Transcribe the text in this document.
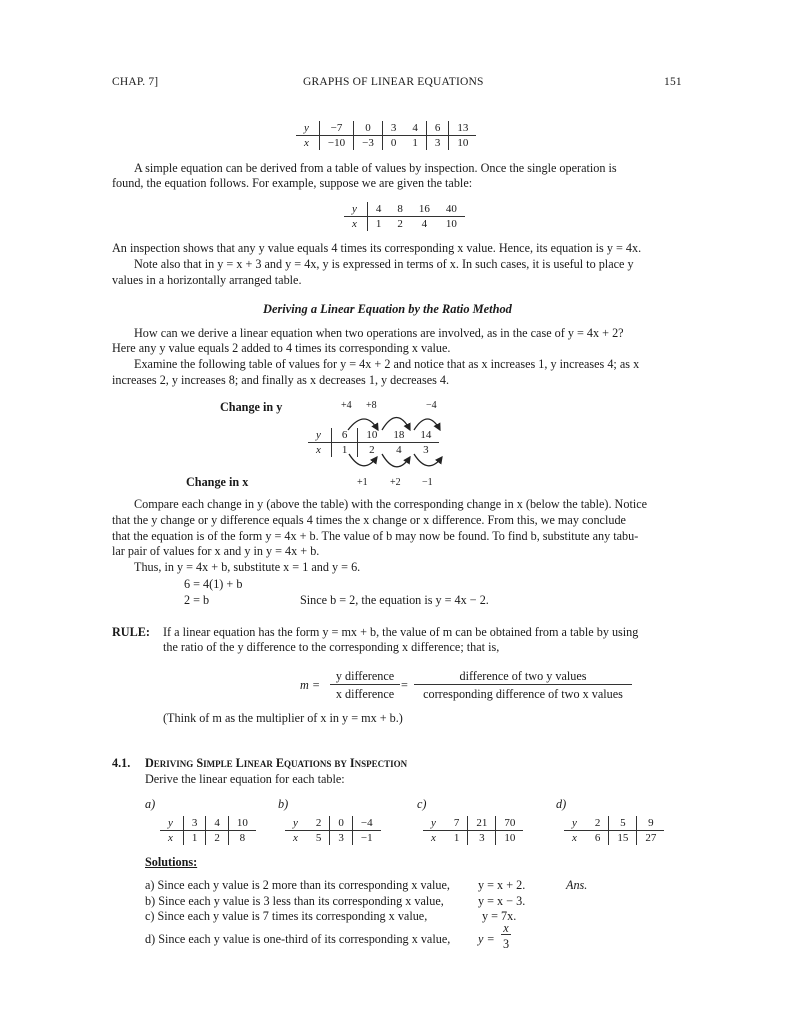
CHAP. 7]	GRAPHS OF LINEAR EQUATIONS	151
y	−7	0	3	4	6	13
x	−10	−3	0	1	3	10

A simple equation can be derived from a table of values by inspection. Once the single operation is

found, the equation follows. For example, suppose we are given the table:

y	4	8	16	40
x	1	2	4	10

An inspection shows that any y value equals 4 times its corresponding x value. Hence, its equation is y = 4x.

Note also that in y = x + 3 and y = 4x, y is expressed in terms of x. In such cases, it is useful to place y

values in a horizontally arranged table.

Deriving a Linear Equation by the Ratio Method

How can we derive a linear equation when two operations are involved, as in the case of y = 4x + 2?

Here any y value equals 2 added to 4 times its corresponding x value.

Examine the following table of values for y = 4x + 2 and notice that as x increases 1, y increases 4; as x

increases 2, y increases 8; and finally as x decreases 1, y decreases 4.

Change in y	+4 +8	−4
y	6	10	18	14
x	1	2	4	3
Change in x	+1 +2 −1

Compare each change in y (above the table) with the corresponding change in x (below the table). Notice

that the y change or y difference equals 4 times the x change or x difference. From this, we may conclude

that the equation is of the form y = 4x + b. The value of b may now be found. To find b, substitute any tabu-

lar pair of values for x and y in y = 4x + b.

Thus, in y = 4x + b, substitute x = 1 and y = 6.

6 = 4(1) + b
2 = b	Since b = 2, the equation is y = 4x − 2.
RULE: If a linear equation has the form y = mx + b, the value of m can be obtained from a table by using
the ratio of the y difference to the corresponding x difference; that is,
m =
y difference
x difference
=
difference of two y values
corresponding difference of two x values
(Think of m as the multiplier of x in y = mx + b.)
4.1. Deriving Simple Linear Equations by Inspection
Derive the linear equation for each table:
a)	b)	c)	d)
y	3	4	10
x	1	2	8
y	2	0	−4
x	5	3	−1
y	7	21	70
x	1	3	10
y	2	5	9
x	6	15	27
Solutions:
a) Since each y value is 2 more than its corresponding x value, y = x + 2.	Ans.
b) Since each y value is 3 less than its corresponding x value,	y = x − 3.
c) Since each y value is 7 times its corresponding x value,	y = 7x.
d) Since each y value is one-third of its corresponding x value, y =
x
3
